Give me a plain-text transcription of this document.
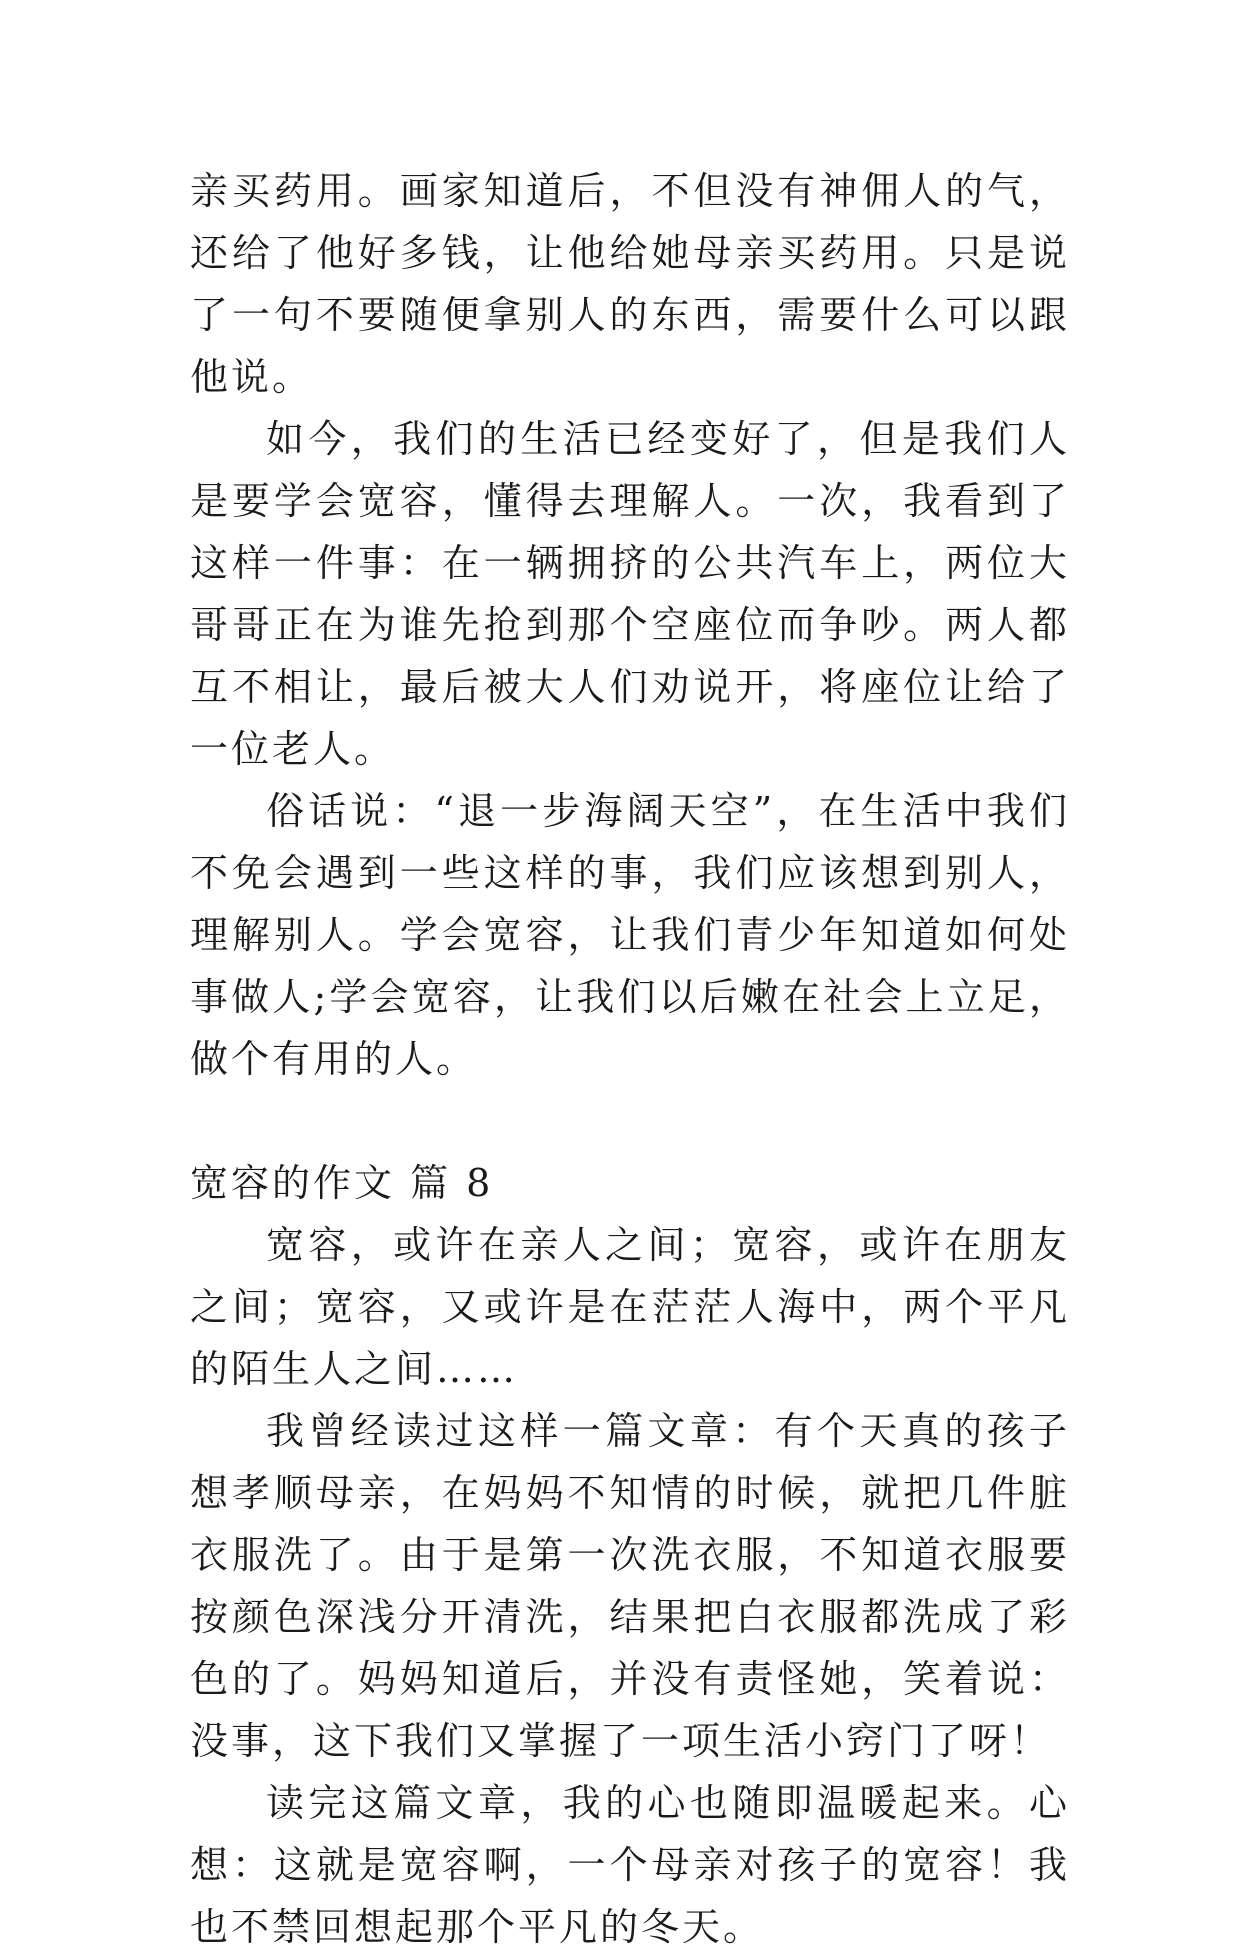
亲买药用。画家知道后，不但没有神佣人的气，还给了他好多钱，让他给她母亲买药用。只是说了一句不要随便拿别人的东西，需要什么可以跟他说。

如今，我们的生活已经变好了，但是我们人是要学会宽容，懂得去理解人。一次，我看到了这样一件事：在一辆拥挤的公共汽车上，两位大哥哥正在为谁先抢到那个空座位而争吵。两人都互不相让，最后被大人们劝说开，将座位让给了一位老人。

俗话说：“退一步海阔天空”，在生活中我们不免会遇到一些这样的事，我们应该想到别人，理解别人。学会宽容，让我们青少年知道如何处事做人;学会宽容，让我们以后嫩在社会上立足，做个有用的人。

宽容的作文 篇 8

宽容，或许在亲人之间；宽容，或许在朋友之间；宽容，又或许是在茫茫人海中，两个平凡的陌生人之间……

我曾经读过这样一篇文章：有个天真的孩子想孝顺母亲，在妈妈不知情的时候，就把几件脏衣服洗了。由于是第一次洗衣服，不知道衣服要按颜色深浅分开清洗，结果把白衣服都洗成了彩色的了。妈妈知道后，并没有责怪她，笑着说：没事，这下我们又掌握了一项生活小窍门了呀！

读完这篇文章，我的心也随即温暖起来。心想：这就是宽容啊，一个母亲对孩子的宽容！我也不禁回想起那个平凡的冬天。
